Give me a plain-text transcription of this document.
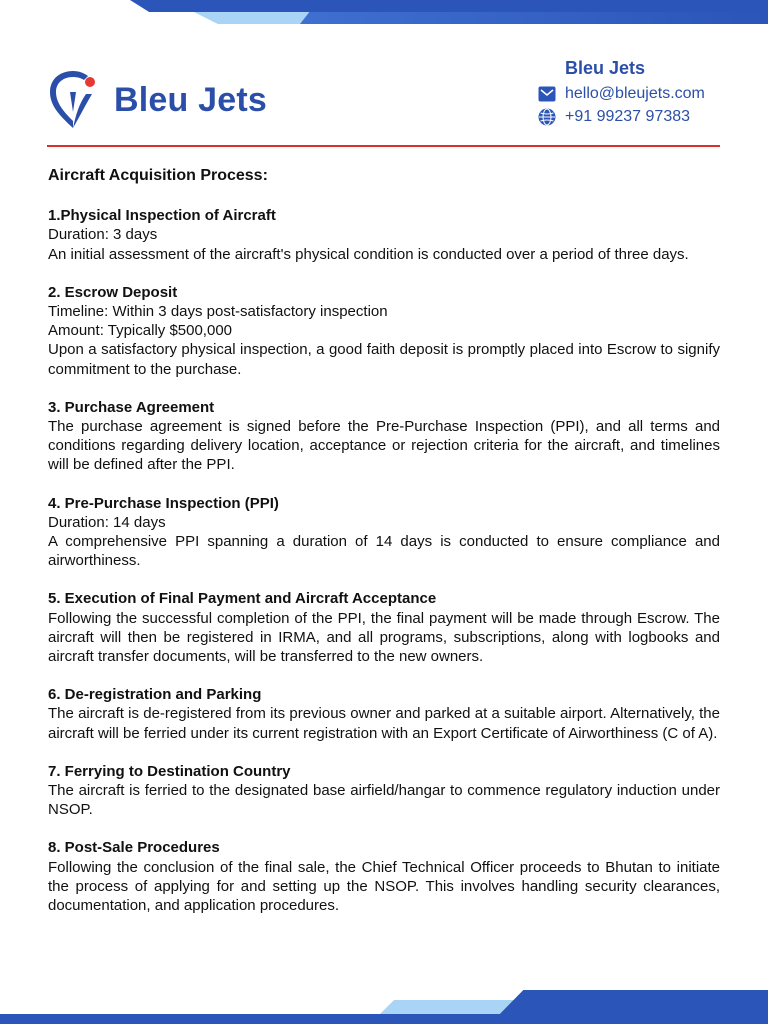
Bleu Jets
Bleu Jets
hello@bleujets.com
+91 99237 97383
Aircraft Acquisition Process:
1.Physical Inspection of Aircraft

Duration: 3 days

An initial assessment of the aircraft's physical condition is conducted over a period of three days.

2. Escrow Deposit

Timeline: Within 3 days post-satisfactory inspection

Amount: Typically $500,000

Upon a satisfactory physical inspection, a good faith deposit is promptly placed into Escrow to signify commitment to the purchase.

3. Purchase Agreement

The purchase agreement is signed before the Pre-Purchase Inspection (PPI), and all terms and conditions regarding delivery location, acceptance or rejection criteria for the aircraft, and timelines will be defined after the PPI.

4. Pre-Purchase Inspection (PPI)

Duration: 14 days

A comprehensive PPI spanning a duration of 14 days is conducted to ensure compliance and airworthiness.

5. Execution of Final Payment and Aircraft Acceptance

Following the successful completion of the PPI, the final payment will be made through Escrow. The aircraft will then be registered in IRMA, and all programs, subscriptions, along with logbooks and aircraft transfer documents, will be transferred to the new owners.

6. De-registration and Parking

The aircraft is de-registered from its previous owner and parked at a suitable airport. Alternatively, the aircraft will be ferried under its current registration with an Export Certificate of Airworthiness (C of A).

7. Ferrying to Destination Country

The aircraft is ferried to the designated base airfield/hangar to commence regulatory induction under NSOP.

8. Post-Sale Procedures

Following the conclusion of the final sale, the Chief Technical Officer proceeds to Bhutan to initiate the process of applying for and setting up the NSOP. This involves handling security clearances, documentation, and application procedures.
